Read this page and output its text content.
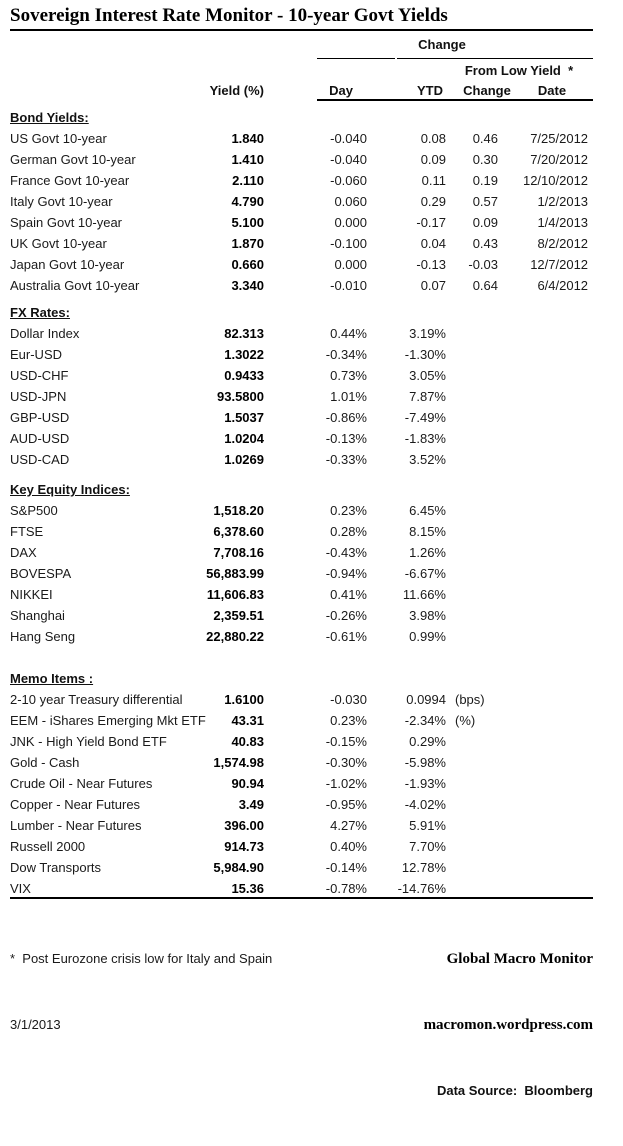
Sovereign Interest Rate Monitor - 10-year Govt Yields
Change
From Low Yield  *
Yield (%)	Day	YTD Change Date
Bond Yields:					
US Govt 10-year	1.840	-0.040	0.08	0.46	7/25/2012
German Govt 10-year	1.410	-0.040	0.09	0.30	7/20/2012
France Govt 10-year	2.110	-0.060	0.11	0.19	12/10/2012
Italy Govt 10-year	4.790	0.060	0.29	0.57	1/2/2013
Spain Govt 10-year	5.100	0.000	-0.17	0.09	1/4/2013
UK Govt 10-year	1.870	-0.100	0.04	0.43	8/2/2012
Japan Govt 10-year	0.660	0.000	-0.13	-0.03	12/7/2012
Australia Govt 10-year	3.340	-0.010	0.07	0.64	6/4/2012
FX Rates:					
Dollar Index	82.313	0.44%	3.19%		
Eur-USD	1.3022	-0.34%	-1.30%		
USD-CHF	0.9433	0.73%	3.05%		
USD-JPN	93.5800	1.01%	7.87%		
GBP-USD	1.5037	-0.86%	-7.49%		
AUD-USD	1.0204	-0.13%	-1.83%		
USD-CAD	1.0269	-0.33%	3.52%		
Key Equity Indices:					
S&P500	1,518.20	0.23%	6.45%		
FTSE	6,378.60	0.28%	8.15%		
DAX	7,708.16	-0.43%	1.26%		
BOVESPA	56,883.99	-0.94%	-6.67%		
NIKKEI	11,606.83	0.41%	11.66%		
Shanghai	2,359.51	-0.26%	3.98%		
Hang Seng	22,880.22	-0.61%	0.99%		
Memo Items :					
2-10 year Treasury differential	1.6100	-0.030	0.0994	(bps)	
EEM - iShares Emerging Mkt ETF	43.31	0.23%	-2.34%	(%)	
JNK - High Yield Bond ETF	40.83	-0.15%	0.29%		
Gold - Cash	1,574.98	-0.30%	-5.98%		
Crude Oil - Near Futures	90.94	-1.02%	-1.93%		
Copper - Near Futures	3.49	-0.95%	-4.02%		
Lumber - Near Futures	396.00	4.27%	5.91%		
Russell 2000	914.73	0.40%	7.70%		
Dow Transports	5,984.90	-0.14%	12.78%		
VIX	15.36	-0.78%	-14.76%		

*  Post Eurozone crisis low for Italy and Spain

3/1/2013

Global Macro Monitor

macromon.wordpress.com

Data Source:  Bloomberg
